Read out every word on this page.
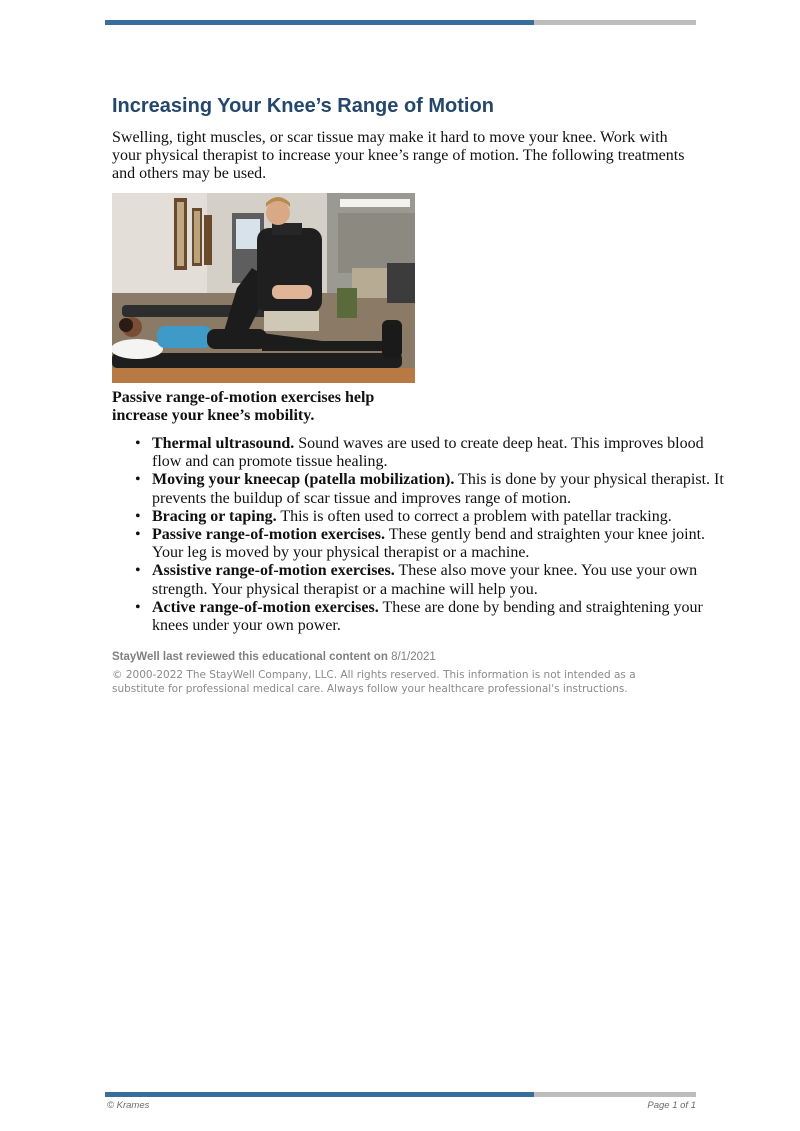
Increasing Your Knee’s Range of Motion

Swelling, tight muscles, or scar tissue may make it hard to move your knee. Work with your physical therapist to increase your knee’s range of motion. The following treatments and others may be used.

Passive range-of-motion exercises help increase your knee’s mobility.

• Thermal ultrasound. Sound waves are used to create deep heat. This improves blood flow and can promote tissue healing.
• Moving your kneecap (patella mobilization). This is done by your physical therapist. It prevents the buildup of scar tissue and improves range of motion.
• Bracing or taping. This is often used to correct a problem with patellar tracking.
• Passive range-of-motion exercises. These gently bend and straighten your knee joint. Your leg is moved by your physical therapist or a machine.
• Assistive range-of-motion exercises. These also move your knee. You use your own strength. Your physical therapist or a machine will help you.
• Active range-of-motion exercises. These are done by bending and straightening your knees under your own power.

StayWell last reviewed this educational content on 8/1/2021

© 2000-2022 The StayWell Company, LLC. All rights reserved. This information is not intended as a substitute for professional medical care. Always follow your healthcare professional's instructions.

© Krames	Page 1 of 1
